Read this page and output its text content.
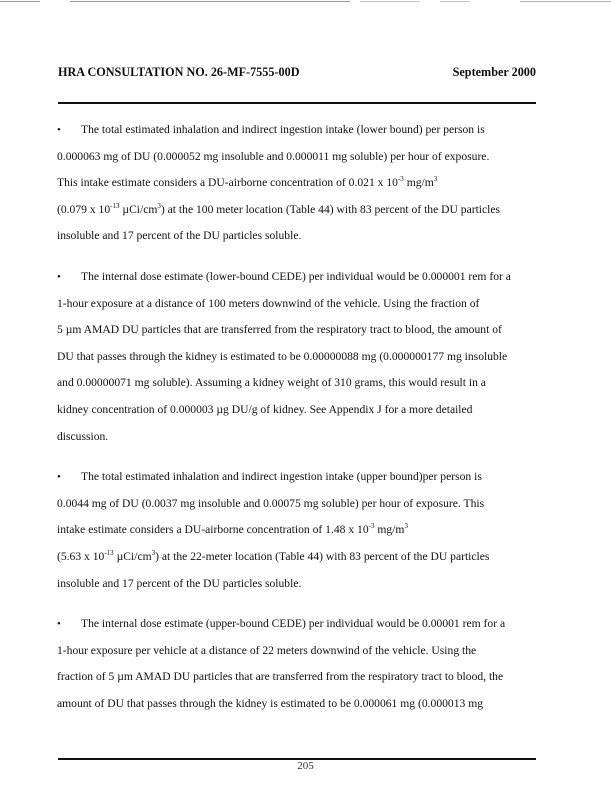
HRA CONSULTATION NO. 26-MF-7555-00D	September 2000
• The total estimated inhalation and indirect ingestion intake (lower bound) per person is
0.000063 mg of DU (0.000052 mg insoluble and 0.000011 mg soluble) per hour of exposure.
This intake estimate considers a DU-airborne concentration of 0.021 x $10^{-3}$ $mg/m^3$
(0.079 x $10^{-13}$ µCi/$cm^3$) at the 100 meter location (Table 44) with 83 percent of the DU particles
insoluble and 17 percent of the DU particles soluble.
• The internal dose estimate (lower-bound CEDE) per individual would be 0.000001 rem for a
1-hour exposure at a distance of 100 meters downwind of the vehicle. Using the fraction of
5 µm AMAD DU particles that are transferred from the respiratory tract to blood, the amount of
DU that passes through the kidney is estimated to be 0.00000088 mg (0.000000177 mg insoluble
and 0.00000071 mg soluble). Assuming a kidney weight of 310 grams, this would result in a
kidney concentration of 0.000003 µg DU/g of kidney. See Appendix J for a more detailed
discussion.
• The total estimated inhalation and indirect ingestion intake (upper bound)per person is
0.0044 mg of DU (0.0037 mg insoluble and 0.00075 mg soluble) per hour of exposure. This
intake estimate considers a DU-airborne concentration of 1.48 x $10^{-3}$ $mg/m^3$
(5.63 x $10^{-13}$ µCi/$cm^3$) at the 22-meter location (Table 44) with 83 percent of the DU particles
insoluble and 17 percent of the DU particles soluble.
• The internal dose estimate (upper-bound CEDE) per individual would be 0.00001 rem for a
1-hour exposure per vehicle at a distance of 22 meters downwind of the vehicle. Using the
fraction of 5 µm AMAD DU particles that are transferred from the respiratory tract to blood, the
amount of DU that passes through the kidney is estimated to be 0.000061 mg (0.000013 mg
205
